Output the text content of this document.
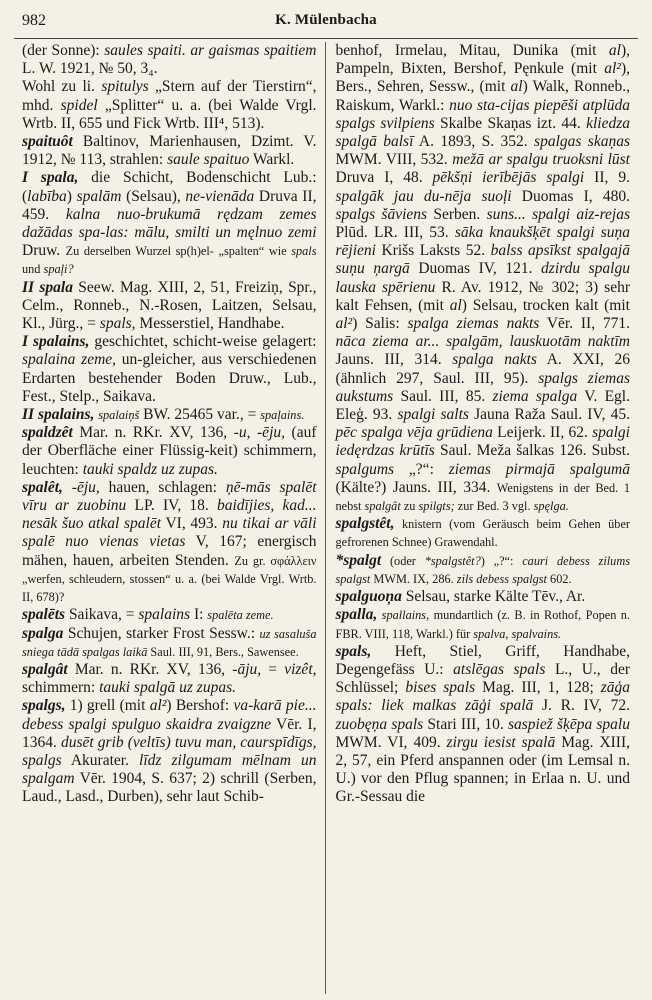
982	K. Mülenbacha

(der Sonne): saules spaiti. ar gaismas spaitiem L. W. 1921, № 50, 3₄.

Wohl zu li. spitulys „Stern auf der Tierstirn“, mhd. spidel „Splitter“ u. a. (bei Walde Vrgl. Wrtb. II, 655 und Fick Wrtb. III⁴, 513).

spaituôt Baltinov, Marienhausen, Dzimt. V. 1912, № 113, strahlen: saule spaituo Warkl.

I spala, die Schicht, Bodenschicht Lub.: (labība) spalām (Selsau), ne-vienāda Druva II, 459. kalna nuo-brukumā rędzam zemes dažādas spa-las: mālu, smilti un męlnuo zemi Druw. Zu derselben Wurzel sp(h)el- „spalten“ wie spals und spaļi?

II spala Seew. Mag. XIII, 2, 51, Freiziņ, Spr., Celm., Ronneb., N.-Rosen, Laitzen, Selsau, Kl., Jürg., = spals, Messerstiel, Handhabe.

I spalains, geschichtet, schicht-weise gelagert: spalaina zeme, un-gleicher, aus verschiedenen Erdarten bestehender Boden Druw., Lub., Fest., Stelp., Saikava.

II spalains, spalaiņš BW. 25465 var., = spaļains.

spaldzêt Mar. n. RKr. XV, 136, -u, -ēju, (auf der Oberfläche einer Flüssig-keit) schimmern, leuchten: tauki spaldz uz zupas.

spalêt, -ēju, hauen, schlagen: ņē-mās spalēt vīru ar zuobinu LP. IV, 18. baidījies, kad... nesāk šuo atkal spalēt VI, 493. nu tikai ar vāli spalē nuo vienas vietas V, 167; energisch mähen, hauen, arbeiten Stenden. Zu gr. σφάλλειν „werfen, schleudern, stossen“ u. a. (bei Walde Vrgl. Wrtb. II, 678)?

spalēts Saikava, = spalains I: spalēta zeme.

spalga Schujen, starker Frost Sessw.: uz sasaluša sniega tādā spalgas laikā Saul. III, 91, Bers., Sawensee.

spalgât Mar. n. RKr. XV, 136, -āju, = vizêt, schimmern: tauki spalgā uz zupas.

spalgs, 1) grell (mit al²) Bershof: va-karā pie... debess spalgi spulguo skaidra zvaigzne Vēr. I, 1364. dusēt grib (veltīs) tuvu man, caurspīdīgs, spalgs Akurater. līdz zilgumam mēlnam un spalgam Vēr. 1904, S. 637; 2) schrill (Serben, Laud., Lasd., Durben), sehr laut Schib-

benhof, Irmelau, Mitau, Dunika (mit al), Pampeln, Bixten, Bershof, Pęnkule (mit al²), Bers., Sehren, Sessw., (mit al) Walk, Ronneb., Raiskum, Warkl.: nuo sta-cijas piepēši atplūda spalgs svilpiens Skalbe Skaņas izt. 44. kliedza spalgā balsī A. 1893, S. 352. spalgas skaņas MWM. VIII, 532. mežā ar spalgu truoksni lūst Druva I, 48. pēkšņi ierībējās spalgi II, 9. spalgāk jau du-nēja suoļi Duomas I, 480. spalgs šāviens Serben. suns... spalgi aiz-rejas Plūd. LR. III, 53. sāka knaukšķēt spalgi suņa rējieni Krišs Laksts 52. balss apsīkst spalgajā suņu ņargā Duomas IV, 121. dzirdu spalgu lauska spērienu R. Av. 1912, № 302; 3) sehr kalt Fehsen, (mit al) Selsau, trocken kalt (mit al²) Salis: spalga ziemas nakts Vēr. II, 771. nāca ziema ar... spalgām, lauskuotām naktīm Jauns. III, 314. spalga nakts A. XXI, 26 (ähnlich 297, Saul. III, 95). spalgs ziemas aukstums Saul. III, 85. ziema spalga V. Egl. Eleģ. 93. spalgi salts Jauna Raža Saul. IV, 45. pēc spalga vēja grūdiena Leijerk. II, 62. spalgi iedęrdzas krūtīs Saul. Meža šalkas 126. Subst. spalgums „?“: ziemas pirmajā spalgumā (Kälte?) Jauns. III, 334. Wenigstens in der Bed. 1 nebst spalgât zu spilgts; zur Bed. 3 vgl. spęlga.

spalgstêt, knistern (vom Geräusch beim Gehen über gefrorenen Schnee) Grawendahl.

*spalgt (oder *spalgstêt?) „?“: cauri debess zilums spalgst MWM. IX, 286. zils debess spalgst 602.

spalguoņa Selsau, starke Kälte Tēv., Ar.

spalla, spallains, mundartlich (z. B. in Rothof, Popen n. FBR. VIII, 118, Warkl.) für spalva, spalvains.

spals, Heft, Stiel, Griff, Handhabe, Degengefäss U.: atslēgas spals L., U., der Schlüssel; bises spals Mag. III, 1, 128; zāģa spals: liek malkas zāģi spalā J. R. IV, 72. zuobęņa spals Stari III, 10. saspiež šķēpa spalu MWM. VI, 409. zirgu iesist spalā Mag. XIII, 2, 57, ein Pferd anspannen oder (im Lemsal n. U.) vor den Pflug spannen; in Erlaa n. U. und Gr.-Sessau die
